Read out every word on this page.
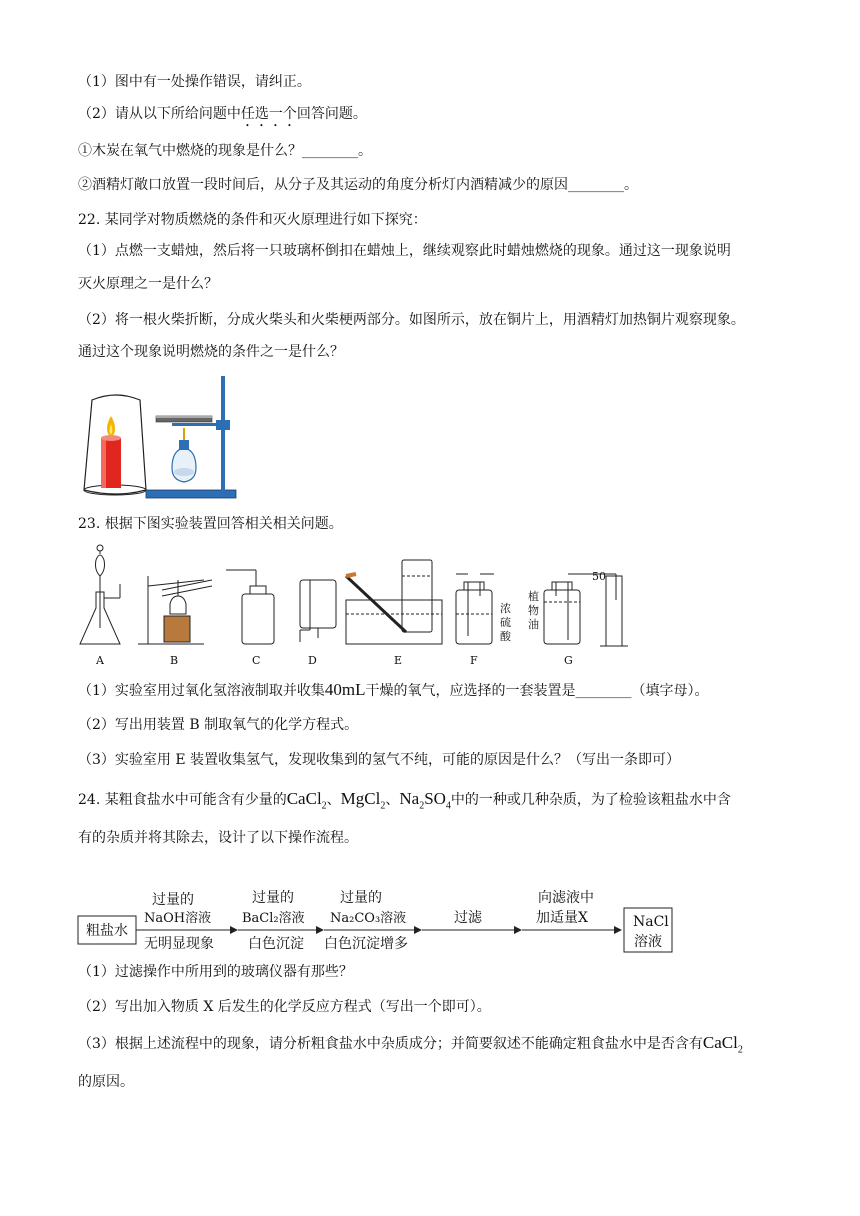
（1）图中有一处操作错误，请纠正。
（2）请从以下所给问题中任选一个回答问题。
①木炭在氧气中燃烧的现象是什么？________。
②酒精灯敞口放置一段时间后，从分子及其运动的角度分析灯内酒精减少的原因________。
22. 某同学对物质燃烧的条件和灭火原理进行如下探究：
（1）点燃一支蜡烛，然后将一只玻璃杯倒扣在蜡烛上，继续观察此时蜡烛燃烧的现象。通过这一现象说明
灭火原理之一是什么？
（2）将一根火柴折断，分成火柴头和火柴梗两部分。如图所示，放在铜片上，用酒精灯加热铜片观察现象。
通过这个现象说明燃烧的条件之一是什么？
23. 根据下图实验装置回答相关相关问题。
A	B	C	D	E	F	G
浓
硫
酸
植
物
油
50
（1）实验室用过氧化氢溶液制取并收集40mL干燥的氧气，应选择的一套装置是________（填字母）。
（2）写出用装置 B 制取氧气的化学方程式。
（3）实验室用 E 装置收集氢气，发现收集到的氢气不纯，可能的原因是什么？（写出一条即可）
24. 某粗食盐水中可能含有少量的CaCl$_2$、MgCl$_2$、$Na_2SO_4$中的一种或几种杂质，为了检验该粗盐水中含
有的杂质并将其除去，设计了以下操作流程。
粗盐水
过量的
NaOH溶液
无明显现象
过量的
BaCl₂溶液
白色沉淀
过量的
Na₂CO₃溶液
白色沉淀增多
过滤
向滤液中
加适量X	NaCl
溶液
（1）过滤操作中所用到的玻璃仪器有那些？
（2）写出加入物质 X 后发生的化学反应方程式（写出一个即可）。
（3）根据上述流程中的现象，请分析粗食盐水中杂质成分；并简要叙述不能确定粗食盐水中是否含有CaCl$_2$
的原因。
